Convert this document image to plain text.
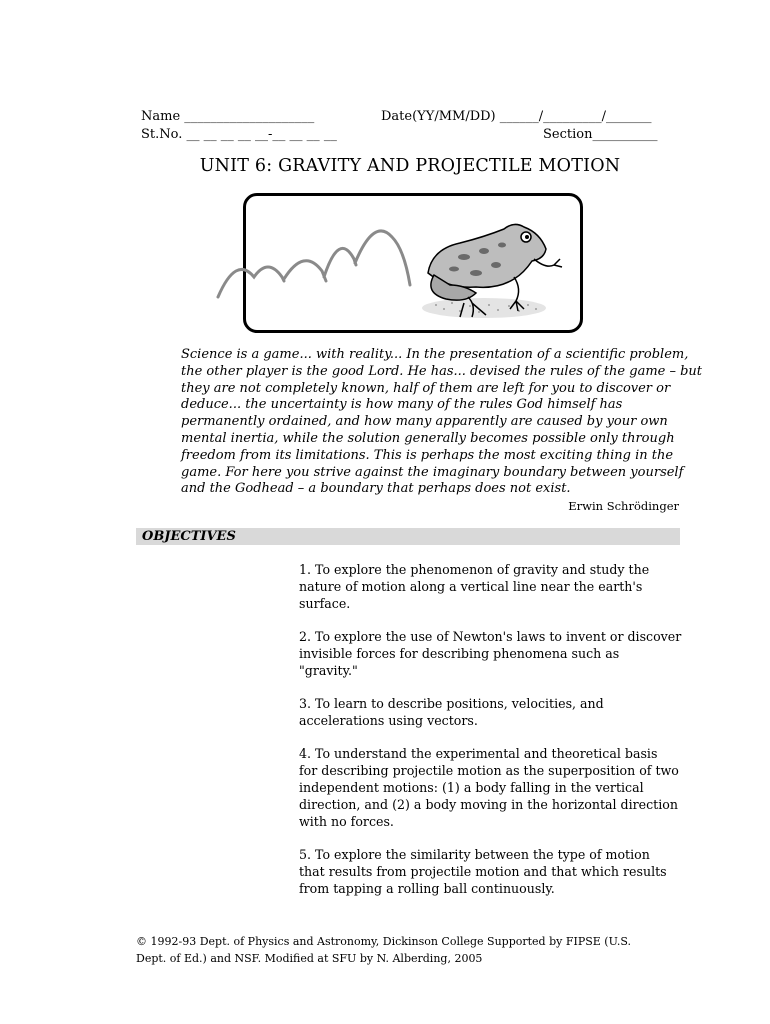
Name ____________________	Date(YY/MM/DD) ______/_________/_______
St.No. __ __ __ __ __-__ __ __ __	Section__________
UNIT 6: GRAVITY AND PROJECTILE MOTION
Science is a game... with reality... In the presentation of a scientific problem,
the other player is the good Lord. He has... devised the rules of the game – but
they are not completely known, half of them are left for you to discover or
deduce... the uncertainty is how many of the rules God himself has
permanently ordained, and how many apparently are caused by your own
mental inertia, while the solution generally becomes possible only through
freedom from its limitations. This is perhaps the most exciting thing in the
game. For here you strive against the imaginary boundary between yourself
and the Godhead – a boundary that perhaps does not exist.
Erwin Schrödinger
OBJECTIVES
1. To explore the phenomenon of gravity and study the
nature of motion along a vertical line near the earth's
surface.
2. To explore the use of Newton's laws to invent or discover
invisible forces for describing phenomena such as
"gravity."
3. To learn to describe positions, velocities, and
accelerations using vectors.
4. To understand the experimental and theoretical basis
for describing projectile motion as the superposition of two
independent motions: (1) a body falling in the vertical
direction, and (2) a body moving in the horizontal direction
with no forces.
5. To explore the similarity between the type of motion
that results from projectile motion and that which results
from tapping a rolling ball continuously.
© 1992-93 Dept. of Physics and Astronomy, Dickinson College Supported by FIPSE (U.S.
Dept. of Ed.) and NSF. Modified at SFU by N. Alberding, 2005
